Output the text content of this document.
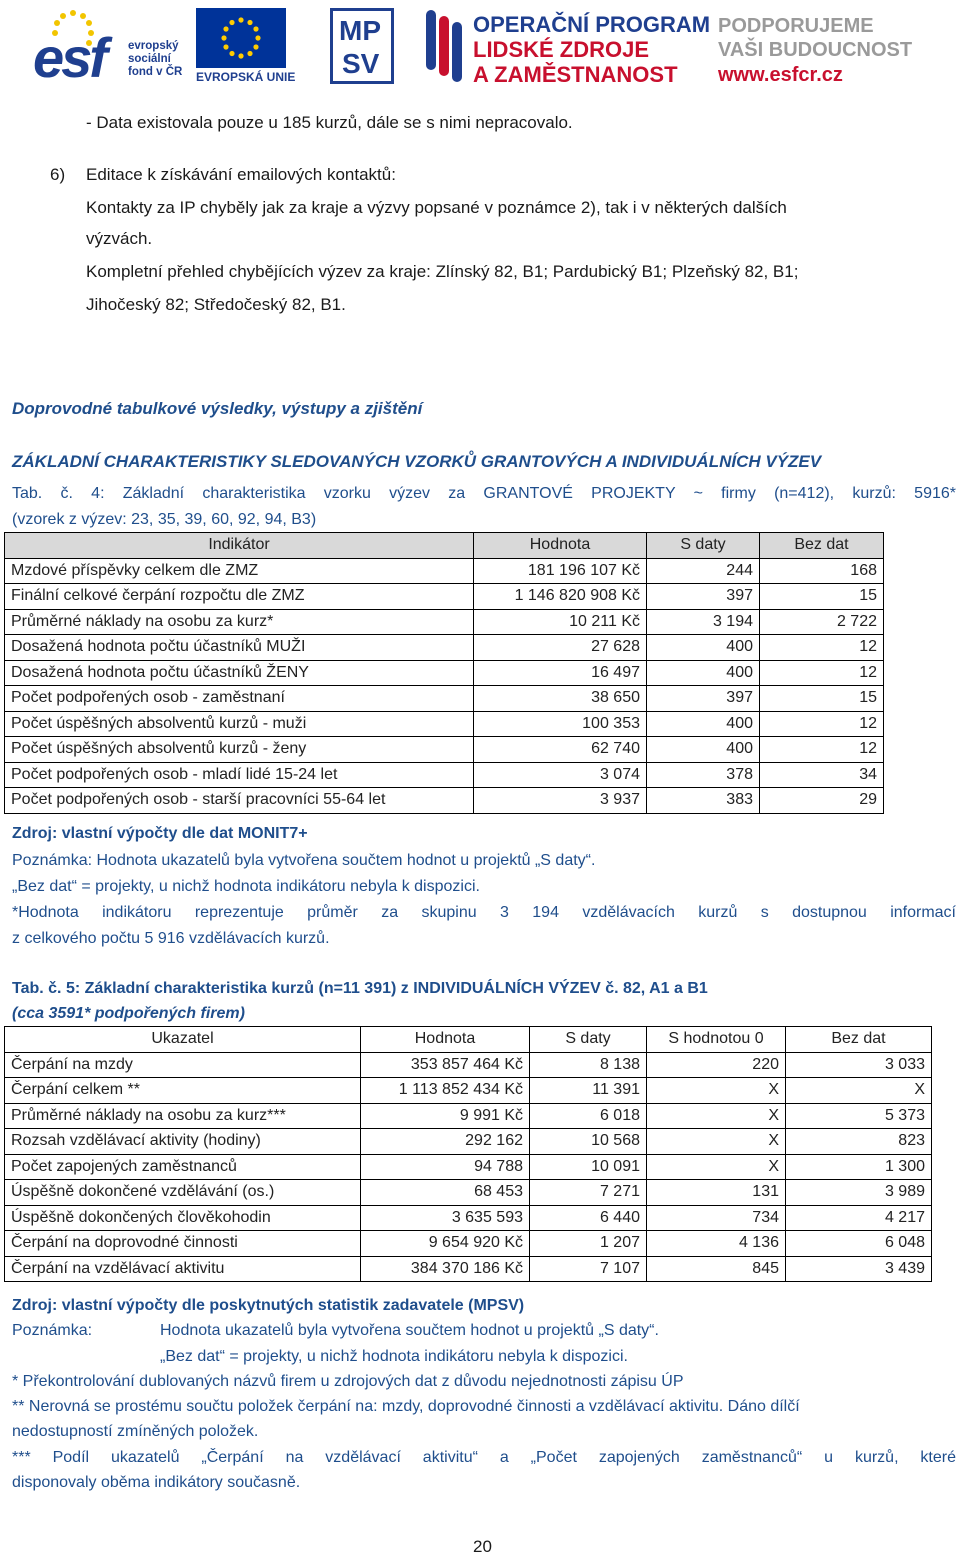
esf evropský
sociální
fond v ČR EVROPSKÁ UNIE
MP
SV
OPERAČNÍ PROGRAM
LIDSKÉ ZDROJE
A ZAMĚSTNANOST
PODPORUJEME
VAŠI BUDOUCNOST
www.esfcr.cz
- Data existovala pouze u 185 kurzů, dále se s nimi nepracovalo.
6) Editace k získávání emailových kontaktů:
Kontakty za IP chyběly jak za kraje a výzvy popsané v poznámce 2), tak i v některých dalších
výzvách.
Kompletní přehled chybějících výzev za kraje: Zlínský 82, B1; Pardubický B1; Plzeňský 82, B1;
Jihočeský 82; Středočeský 82, B1.
Doprovodné tabulkové výsledky, výstupy a zjištění
ZÁKLADNÍ CHARAKTERISTIKY SLEDOVANÝCH VZORKŮ GRANTOVÝCH A INDIVIDUÁLNÍCH VÝZEV
Tab. č. 4: Základní charakteristika vzorku výzev za GRANTOVÉ PROJEKTY ~ firmy (n=412), kurzů: 5916*
(vzorek z výzev: 23, 35, 39, 60, 92, 94, B3)
Indikátor	Hodnota	S daty	Bez dat
Mzdové příspěvky celkem dle ZMZ	181 196 107 Kč	244	168
Finální celkové čerpání rozpočtu dle ZMZ	1 146 820 908 Kč	397	15
Průměrné náklady na osobu za kurz*	10 211 Kč	3 194	2 722
Dosažená hodnota počtu účastníků MUŽI	27 628	400	12
Dosažená hodnota počtu účastníků ŽENY	16 497	400	12
Počet podpořených osob - zaměstnaní	38 650	397	15
Počet úspěšných absolventů kurzů - muži	100 353	400	12
Počet úspěšných absolventů kurzů - ženy	62 740	400	12
Počet podpořených osob - mladí lidé 15-24 let	3 074	378	34
Počet podpořených osob - starší pracovníci 55-64 let	3 937	383	29
Zdroj: vlastní výpočty dle dat MONIT7+
Poznámka: Hodnota ukazatelů byla vytvořena součtem hodnot u projektů „S daty“.
„Bez dat“ = projekty, u nichž hodnota indikátoru nebyla k dispozici.
*Hodnota indikátoru reprezentuje průměr za skupinu 3 194 vzdělávacích kurzů s dostupnou informací
z celkového počtu 5 916 vzdělávacích kurzů.
Tab. č. 5: Základní charakteristika kurzů (n=11 391) z INDIVIDUÁLNÍCH VÝZEV č. 82, A1 a B1
(cca 3591* podpořených firem)
Ukazatel	Hodnota	S daty	S hodnotou 0	Bez dat
Čerpání na mzdy	353 857 464 Kč	8 138	220	3 033
Čerpání celkem **	1 113 852 434 Kč	11 391	X	X
Průměrné náklady na osobu za kurz***	9 991 Kč	6 018	X	5 373
Rozsah vzdělávací aktivity (hodiny)	292 162	10 568	X	823
Počet zapojených zaměstnanců	94 788	10 091	X	1 300
Úspěšně dokončené vzdělávání (os.)	68 453	7 271	131	3 989
Úspěšně dokončených člověkohodin	3 635 593	6 440	734	4 217
Čerpání na doprovodné činnosti	9 654 920 Kč	1 207	4 136	6 048
Čerpání na vzdělávací aktivitu	384 370 186 Kč	7 107	845	3 439
Zdroj: vlastní výpočty dle poskytnutých statistik zadavatele (MPSV)
Poznámka:	Hodnota ukazatelů byla vytvořena součtem hodnot u projektů „S daty“.
„Bez dat“ = projekty, u nichž hodnota indikátoru nebyla k dispozici.
* Překontrolování dublovaných názvů firem u zdrojových dat z důvodu nejednotnosti zápisu ÚP
** Nerovná se prostému součtu položek čerpání na: mzdy, doprovodné činnosti a vzdělávací aktivitu. Dáno dílčí
nedostupností zmíněných položek.
*** Podíl ukazatelů „Čerpání na vzdělávací aktivitu“ a „Počet zapojených zaměstnanců“ u kurzů, které
disponovaly oběma indikátory současně.
20
